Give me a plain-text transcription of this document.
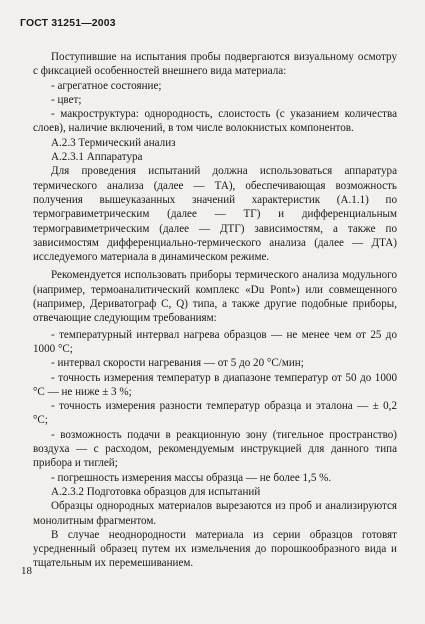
ГОСТ 31251—2003

Поступившие на испытания пробы подвергаются визуальному осмотру с фиксацией особенностей внешнего вида материала:

- агрегатное состояние;

- цвет;

- макроструктура: однородность, слоистость (с указанием количества слоев), наличие включений, в том числе волокнистых компонентов.

А.2.3 Термический анализ

А.2.3.1 Аппаратура

Для проведения испытаний должна использоваться аппаратура термического анализа (далее — ТА), обеспечивающая возможность получения вышеуказанных значений характеристик (А.1.1) по термогравиметрическим (далее — ТГ) и дифференциальным термогравиметрическим (далее — ДТГ) зависимостям, а также по зависимостям дифференциально-термического анализа (далее — ДТА) исследуемого материала в динамическом режиме.

Рекомендуется использовать приборы термического анализа модульного (например, термоаналитический комплекс «Du Pont») или совмещенного (например, Дериватограф С, Q) типа, а также другие подобные приборы, отвечающие следующим требованиям:

- температурный интервал нагрева образцов — не менее чем от 25 до 1000 °С;

- интервал скорости нагревания — от 5 до 20 °С/мин;

- точность измерения температур в диапазоне температур от 50 до 1000 °С — не ниже ± 3 %;

- точность измерения разности температур образца и эталона — ± 0,2 °С;

- возможность подачи в реакционную зону (тигельное пространство) воздуха — с расходом, рекомендуемым инструкцией для данного типа прибора и тиглей;

- погрешность измерения массы образца — не более 1,5 %.

А.2.3.2 Подготовка образцов для испытаний

Образцы однородных материалов вырезаются из проб и анализируются монолитным фрагментом.

В случае неоднородности материала из серии образцов готовят усредненный образец путем их измельчения до порошкообразного вида и тщательным их перемешиванием.

18
